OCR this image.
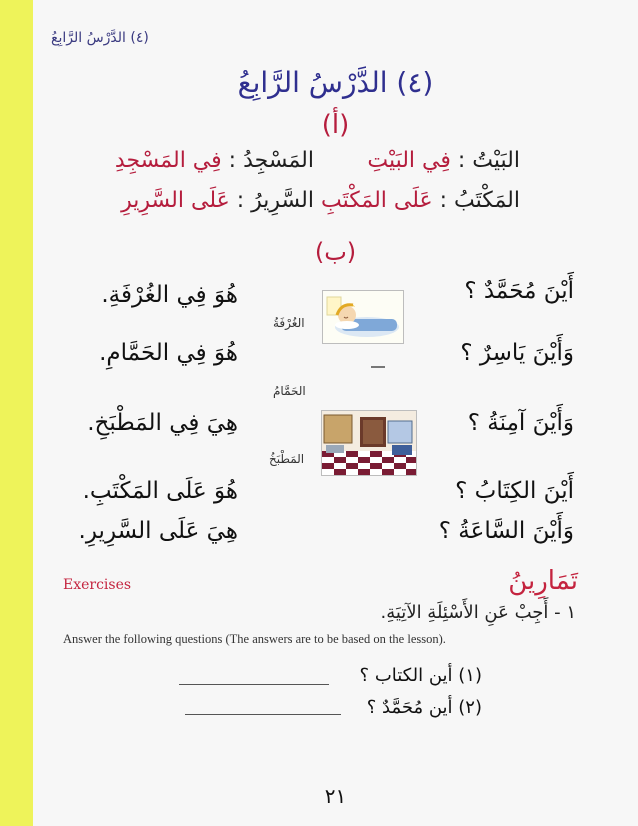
(٤) الدَّرْسُ الرَّابِعُ
(٤) الدَّرْسُ الرَّابِعُ
(أ)
البَيْتُ : فِي البَيْتِ
المَسْجِدُ : فِي المَسْجِدِ
المَكْتَبُ : عَلَى المَكْتَبِ
السَّرِيرُ : عَلَى السَّرِيرِ
(ب)
أَيْنَ مُحَمَّدٌ ؟
هُوَ فِي الغُرْفَةِ.
وَأَيْنَ يَاسِرٌ ؟
هُوَ فِي الحَمَّامِ.
وَأَيْنَ آمِنَةُ ؟
هِيَ فِي المَطْبَخِ.
أَيْنَ الكِتَابُ ؟
هُوَ عَلَى المَكْتَبِ.
وَأَيْنَ السَّاعَةُ ؟
هِيَ عَلَى السَّرِيرِ.
الغُرْفَةُ
الحَمَّامُ
المَطْبَخُ
Exercises	تَمَارِينُ
١ - أَجِبْ عَنِ الأَسْئِلَةِ الآتِيَةِ.
Answer the following questions (The answers are to be based on the lesson).
(١) أين الكتاب ؟
(٢) أين مُحَمَّدٌ ؟
٢١
